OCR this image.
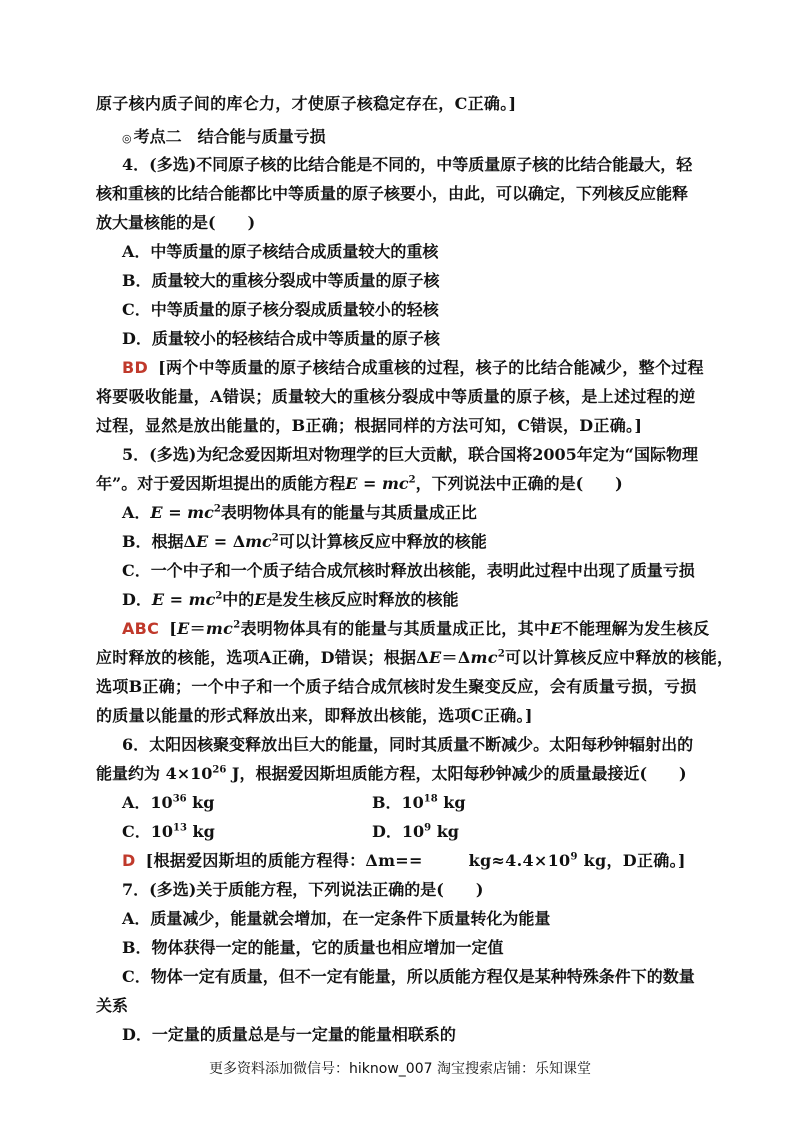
原子核内质子间的库仑力，才使原子核稳定存在，C正确。]
◎ 考点二　结合能与质量亏损
4．(多选)不同原子核的比结合能是不同的，中等质量原子核的比结合能最大，轻
核和重核的比结合能都比中等质量的原子核要小，由此，可以确定，下列核反应能释
放大量核能的是(　　)
A．中等质量的原子核结合成质量较大的重核
B．质量较大的重核分裂成中等质量的原子核
C．中等质量的原子核分裂成质量较小的轻核
D．质量较小的轻核结合成中等质量的原子核
BD [两个中等质量的原子核结合成重核的过程，核子的比结合能减少，整个过程
将要吸收能量，A错误；质量较大的重核分裂成中等质量的原子核，是上述过程的逆
过程，显然是放出能量的，B正确；根据同样的方法可知，C错误，D正确。]
5．(多选)为纪念爱因斯坦对物理学的巨大贡献，联合国将2005年定为“国际物理
年”。对于爱因斯坦提出的质能方程$E = mc^2$，下列说法中正确的是(　　)
A．$E = mc^2$表明物体具有的能量与其质量成正比
B．根据ΔE = Δmc$^2$可以计算核反应中释放的核能
C．一个中子和一个质子结合成氘核时释放出核能，表明此过程中出现了质量亏损
D．$E = mc^2$中的E是发生核反应时释放的核能
ABC [$E=mc^2$表明物体具有的能量与其质量成正比，其中E不能理解为发生核反
应时释放的核能，选项A正确，D错误；根据ΔE＝Δmc$^2$可以计算核反应中释放的核能，
选项B正确；一个中子和一个质子结合成氘核时发生聚变反应，会有质量亏损，亏损
的质量以能量的形式释放出来，即释放出核能，选项C正确。]
6．太阳因核聚变释放出巨大的能量，同时其质量不断减少。太阳每秒钟辐射出的
能量约为 $4\times 10^{26}$ J，根据爱因斯坦质能方程，太阳每秒钟减少的质量最接近(　　)
A．$10^{36}$ kg	B．$10^{18}$ kg
C．$10^{13}$ kg	D．$10^9$ kg
D [根据爱因斯坦的质能方程得：Δm==	$kg\approx 4.4\times 10^9$ kg，D正确。]
7．(多选)关于质能方程，下列说法正确的是(　　)
A．质量减少，能量就会增加，在一定条件下质量转化为能量
B．物体获得一定的能量，它的质量也相应增加一定值
C．物体一定有质量，但不一定有能量，所以质能方程仅是某种特殊条件下的数量
关系
D．一定量的质量总是与一定量的能量相联系的
更多资料添加微信号：hiknow_007 淘宝搜索店铺：乐知课堂
